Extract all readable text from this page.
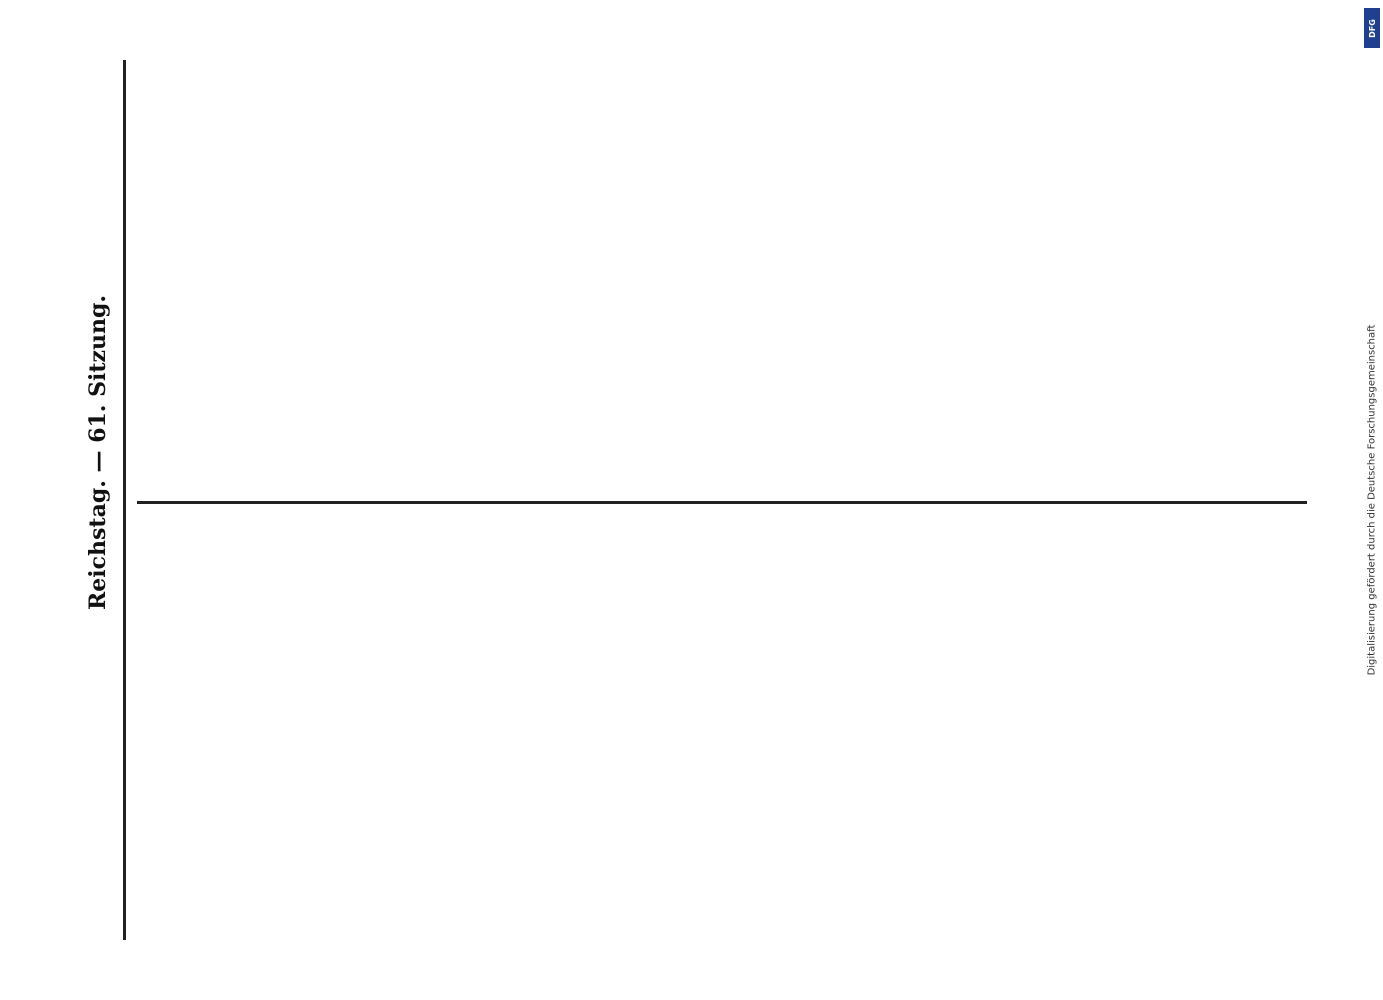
Reichstag. — 61. Sitzung.	Digitalisierung gefördert durch die Deutsche Forschungsgemeinschaft
DFG
